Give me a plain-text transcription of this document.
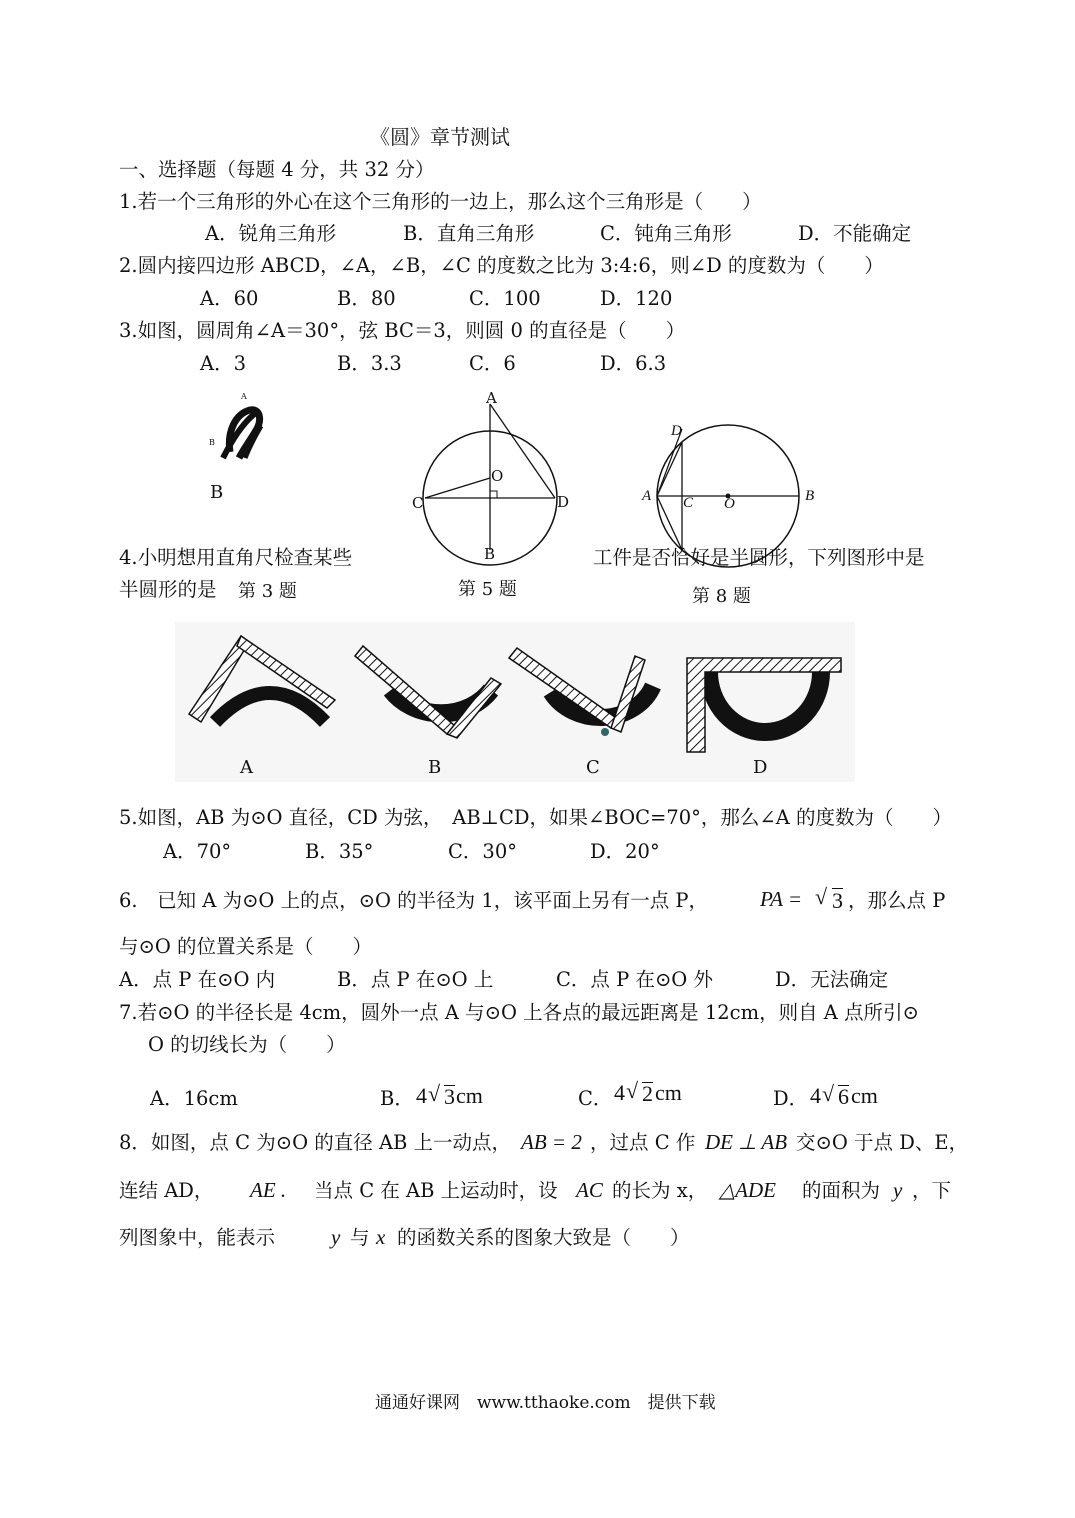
《圆》章节测试
一、选择题（每题 4 分，共 32 分）
1.若一个三角形的外心在这个三角形的一边上，那么这个三角形是（　　）
A．锐角三角形	B．直角三角形	C．钝角三角形	D．不能确定
2.圆内接四边形 ABCD，∠A，∠B，∠C 的度数之比为 3:4:6，则∠D 的度数为（　　）
A．60	B．80	C．100	D．120
3.如图，圆周角∠A＝30°，弦 BC＝3，则圆 0 的直径是（　　）
A．3	B．3.3	C．6	D．6.3
A
B
B
A
O
C	D
B
第 5 题
D
A C O	B
第 8 题
4.小明想用直角尺检查某些	工件是否恰好是半圆形，下列图形中是
半圆形的是 第 3 题
A	B	C	D
5.如图，AB 为⊙O 直径，CD 为弦，　AB⊥CD，如果∠BOC=70°，那么∠A 的度数为（　　）
A．70°	B．35°	C．30°	D．20°
6.　已知 A 为⊙O 上的点，⊙O 的半径为 1，该平面上另有一点 P， PA = √ 3 ，那么点 P
与⊙O 的位置关系是（　　）
A．点 P 在⊙O 内	B．点 P 在⊙O 上	C．点 P 在⊙O 外	D．无法确定
7.若⊙O 的半径长是 4cm，圆外一点 A 与⊙O 上各点的最远距离是 12cm，则自 A 点所引⊙
O 的切线长为（　　）
A．16cm	B． 4 √ 3 cm	C． 4 √ 2 cm	D． 4 √ 6 cm
8．如图，点 C 为⊙O 的直径 AB 上一动点， AB = 2 ，过点 C 作 DE ⊥ AB 交⊙O 于点 D、E，
连结 AD， AE . 当点 C 在 AB 上运动时，设 AC 的长为 x， △ADE 的面积为 y ，下
列图象中，能表示	y 与 x 的函数关系的图象大致是（　　）
通通好课网　www.tthaoke.com　提供下载
